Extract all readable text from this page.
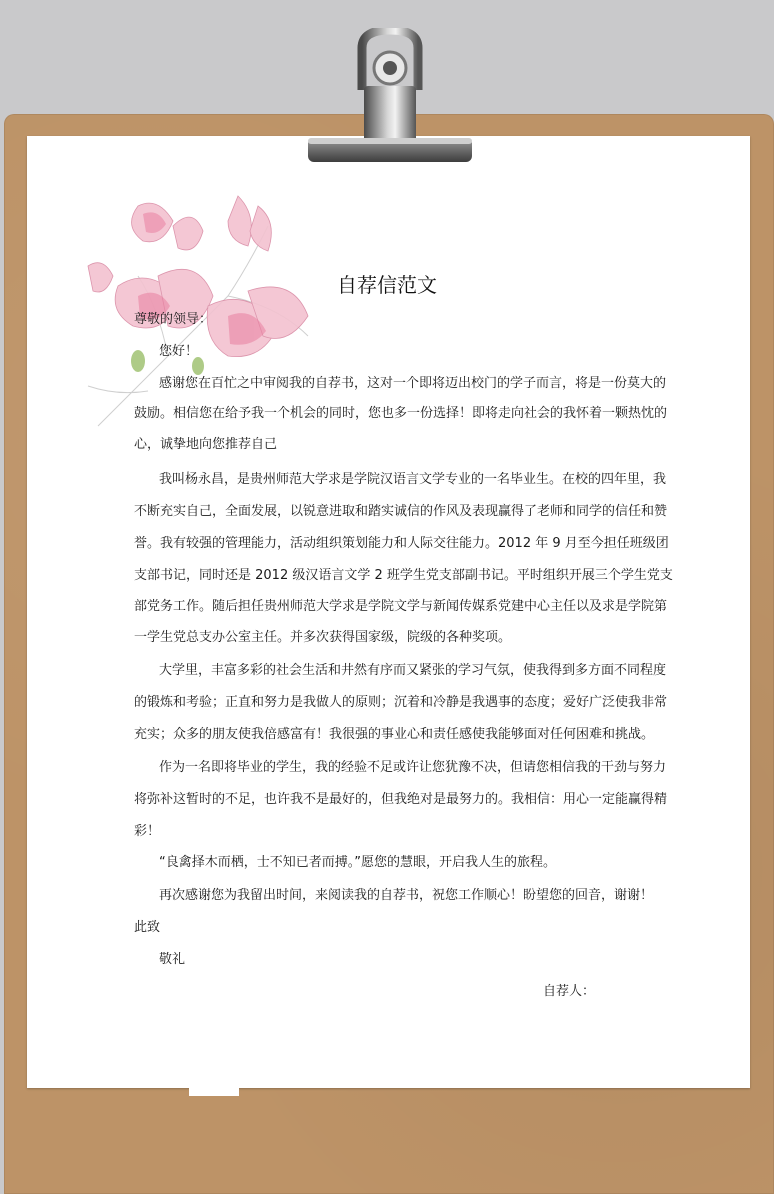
自荐信范文
尊敬的领导：
您好！
感谢您在百忙之中审阅我的自荐书，这对一个即将迈出校门的学子而言，将是一份莫大的
鼓励。相信您在给予我一个机会的同时，您也多一份选择！即将走向社会的我怀着一颗热忱的
心，诚挚地向您推荐自己
我叫杨永昌，是贵州师范大学求是学院汉语言文学专业的一名毕业生。在校的四年里，我
不断充实自己，全面发展，以锐意进取和踏实诚信的作风及表现赢得了老师和同学的信任和赞
誉。我有较强的管理能力，活动组织策划能力和人际交往能力。2012 年 9 月至今担任班级团
支部书记，同时还是 2012 级汉语言文学 2 班学生党支部副书记。平时组织开展三个学生党支
部党务工作。随后担任贵州师范大学求是学院文学与新闻传媒系党建中心主任以及求是学院第
一学生党总支办公室主任。并多次获得国家级，院级的各种奖项。
大学里，丰富多彩的社会生活和井然有序而又紧张的学习气氛，使我得到多方面不同程度
的锻炼和考验；正直和努力是我做人的原则；沉着和冷静是我遇事的态度；爱好广泛使我非常
充实；众多的朋友使我倍感富有！我很强的事业心和责任感使我能够面对任何困难和挑战。
作为一名即将毕业的学生，我的经验不足或许让您犹豫不决，但请您相信我的干劲与努力
将弥补这暂时的不足，也许我不是最好的，但我绝对是最努力的。我相信：用心一定能赢得精
彩！
“良禽择木而栖，士不知已者而搏。”愿您的慧眼，开启我人生的旅程。
再次感谢您为我留出时间，来阅读我的自荐书，祝您工作顺心！盼望您的回音，谢谢！
此致
敬礼
自荐人：
